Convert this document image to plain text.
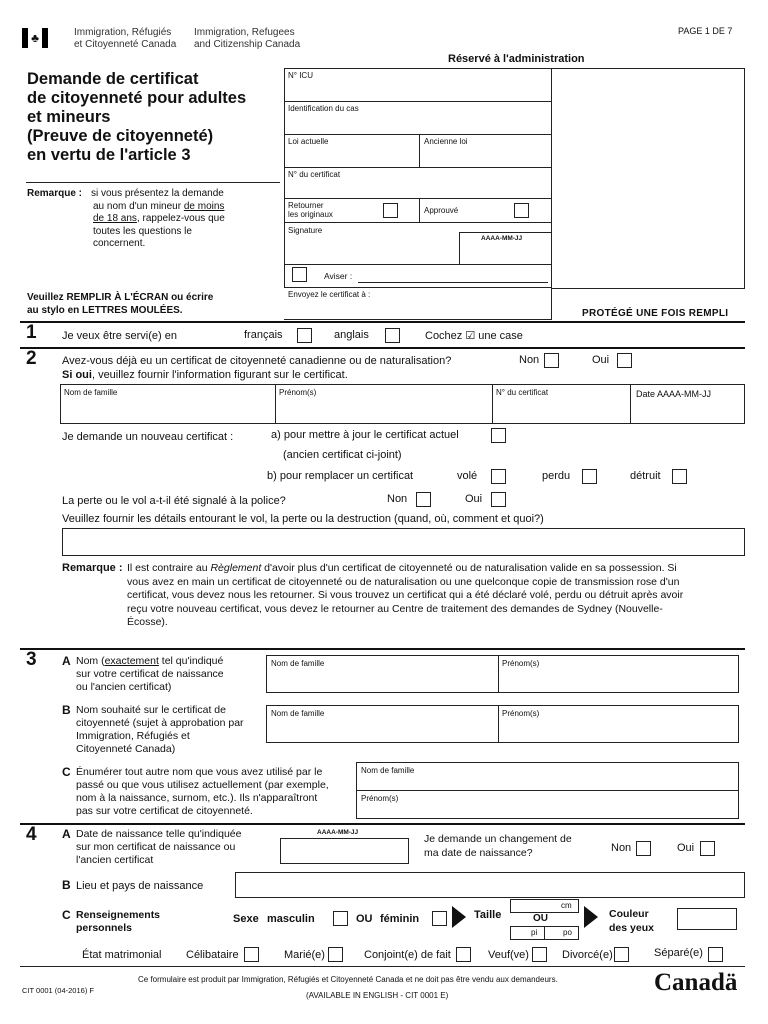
♣	Immigration, Réfugiés
et Citoyenneté Canada
Immigration, Refugees
and Citizenship Canada
PAGE 1 DE 7
Réservé à l'administration
Demande de certificat
de citoyenneté pour adultes
et mineurs
(Preuve de citoyenneté)
en vertu de l'article 3
Remarque : si vous présentez la demande
au nom d'un mineur de moins
de 18 ans, rappelez-vous que
toutes les questions le
concernent.
Veuillez REMPLIR À L'ÉCRAN ou écrire
au stylo en LETTRES MOULÉES.
N° ICU
Identification du cas
Loi actuelle	Ancienne loi
N° du certificat
Retourner
les originaux	Approuvé
Signature
AAAA-MM-JJ
Aviser :
Envoyez le certificat à :
PROTÉGÉ UNE FOIS REMPLI
1 Je veux être servi(e) en	français	anglais	Cochez ☑ une case
2 Avez-vous déjà eu un certificat de citoyenneté canadienne ou de naturalisation?	Non	Oui
Si oui, veuillez fournir l'information figurant sur le certificat.
Nom de famille	Prénom(s)	N° du certificat	Date AAAA-MM-JJ
Je demande un nouveau certificat :	a) pour mettre à jour le certificat actuel
(ancien certificat ci-joint)
b) pour remplacer un certificat	volé	perdu	détruit
La perte ou le vol a-t-il été signalé à la police?	Non	Oui
Veuillez fournir les détails entourant le vol, la perte ou la destruction (quand, où, comment et quoi?)
Remarque : Il est contraire au Règlement d'avoir plus d'un certificat de citoyenneté ou de naturalisation valide en sa possession. Si
vous avez en main un certificat de citoyenneté ou de naturalisation ou une quelconque copie de transmission rose d'un
certificat, vous devez nous les retourner. Si vous trouvez un certificat qui a été déclaré volé, perdu ou détruit après avoir
reçu votre nouveau certificat, vous devez le retourner au Centre de traitement des demandes de Sydney (Nouvelle-
Écosse).
3 A Nom (exactement tel qu'indiqué
sur votre certificat de naissance
ou l'ancien certificat)
Nom de famille	Prénom(s)
B Nom souhaité sur le certificat de
citoyenneté (sujet à approbation par
Immigration, Réfugiés et
Citoyenneté Canada)
Nom de famille	Prénom(s)
C Énumérer tout autre nom que vous avez utilisé par le
passé ou que vous utilisez actuellement (par exemple,
nom à la naissance, surnom, etc.). Ils n'apparaîtront
pas sur votre certificat de citoyenneté.
Nom de famille
Prénom(s)
4 A Date de naissance telle qu'indiquée
sur mon certificat de naissance ou
l'ancien certificat
AAAA-MM-JJ
Je demande un changement de
ma date de naissance?	Non	Oui
B Lieu et pays de naissance
C Renseignements
personnels
Sexe masculin	OU féminin	Taille
cm
OU
pi	po
Couleur
des yeux
État matrimonial Célibataire	Marié(e)	Conjoint(e) de fait	Veuf(ve)	Divorcé(e)	Séparé(e)
CIT 0001 (04-2016) F
Ce formulaire est produit par Immigration, Réfugiés et Citoyenneté Canada et ne doit pas être vendu aux demandeurs.
(AVAILABLE IN ENGLISH - CIT 0001 E)	Canadä
